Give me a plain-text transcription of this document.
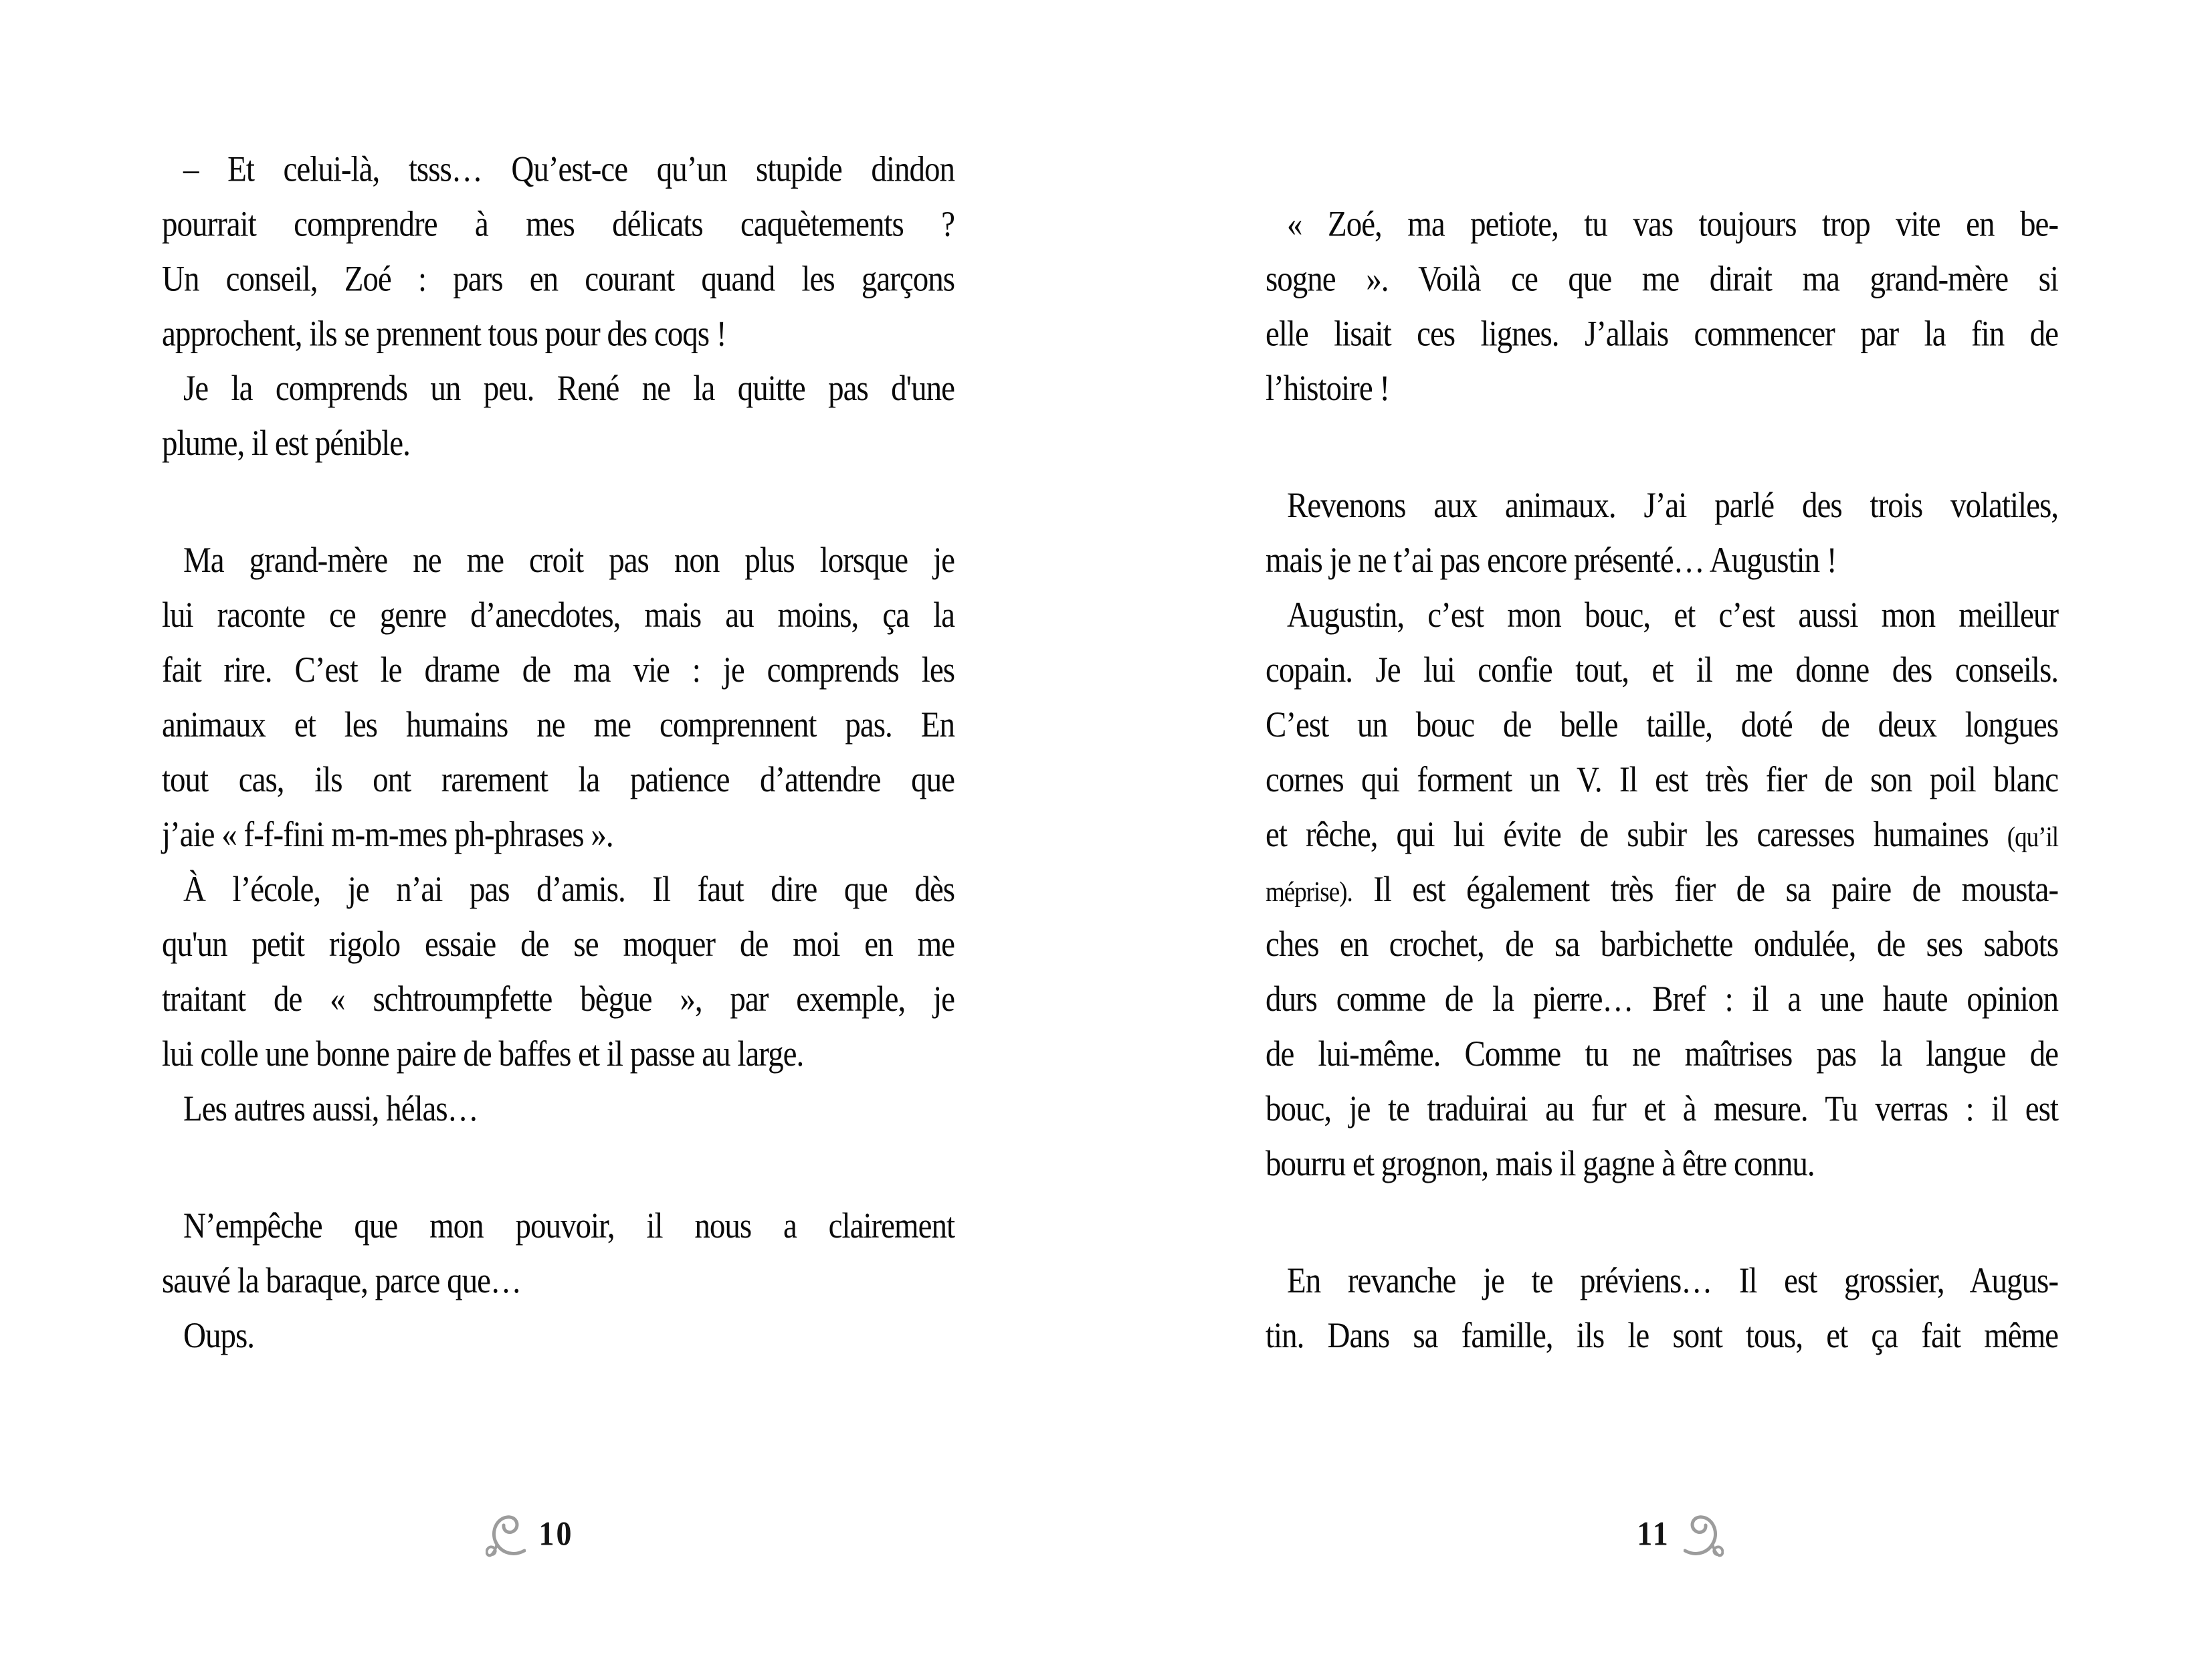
– Et celui-là, tsss… Qu’est-ce qu’un stupide dindon
pourrait comprendre à mes délicats caquètements ?
Un conseil, Zoé : pars en courant quand les garçons
approchent, ils se prennent tous pour des coqs !
Je la comprends un peu. René ne la quitte pas d'une
plume, il est pénible.
Ma grand-mère ne me croit pas non plus lorsque je
lui raconte ce genre d’anecdotes, mais au moins, ça la
fait rire. C’est le drame de ma vie : je comprends les
animaux et les humains ne me comprennent pas. En
tout cas, ils ont rarement la patience d’attendre que
j’aie « f-f-fini m-m-mes ph-phrases ».
À l’école, je n’ai pas d’amis. Il faut dire que dès
qu'un petit rigolo essaie de se moquer de moi en me
traitant de « schtroumpfette bègue », par exemple, je
lui colle une bonne paire de baffes et il passe au large.
Les autres aussi, hélas…
N’empêche que mon pouvoir, il nous a clairement
sauvé la baraque, parce que…
Oups.
10
« Zoé, ma petiote, tu vas toujours trop vite en be-
sogne ». Voilà ce que me dirait ma grand-mère si
elle lisait ces lignes. J’allais commencer par la fin de
l’histoire !
Revenons aux animaux. J’ai parlé des trois volatiles,
mais je ne t’ai pas encore présenté… Augustin !
Augustin, c’est mon bouc, et c’est aussi mon meilleur
copain. Je lui confie tout, et il me donne des conseils.
C’est un bouc de belle taille, doté de deux longues
cornes qui forment un V. Il est très fier de son poil blanc
et rêche, qui lui évite de subir les caresses humaines (qu’il
méprise). Il est également très fier de sa paire de mousta-
ches en crochet, de sa barbichette ondulée, de ses sabots
durs comme de la pierre… Bref : il a une haute opinion
de lui-même. Comme tu ne maîtrises pas la langue de
bouc, je te traduirai au fur et à mesure. Tu verras : il est
bourru et grognon, mais il gagne à être connu.
En revanche je te préviens… Il est grossier, Augus-
tin. Dans sa famille, ils le sont tous, et ça fait même
11
